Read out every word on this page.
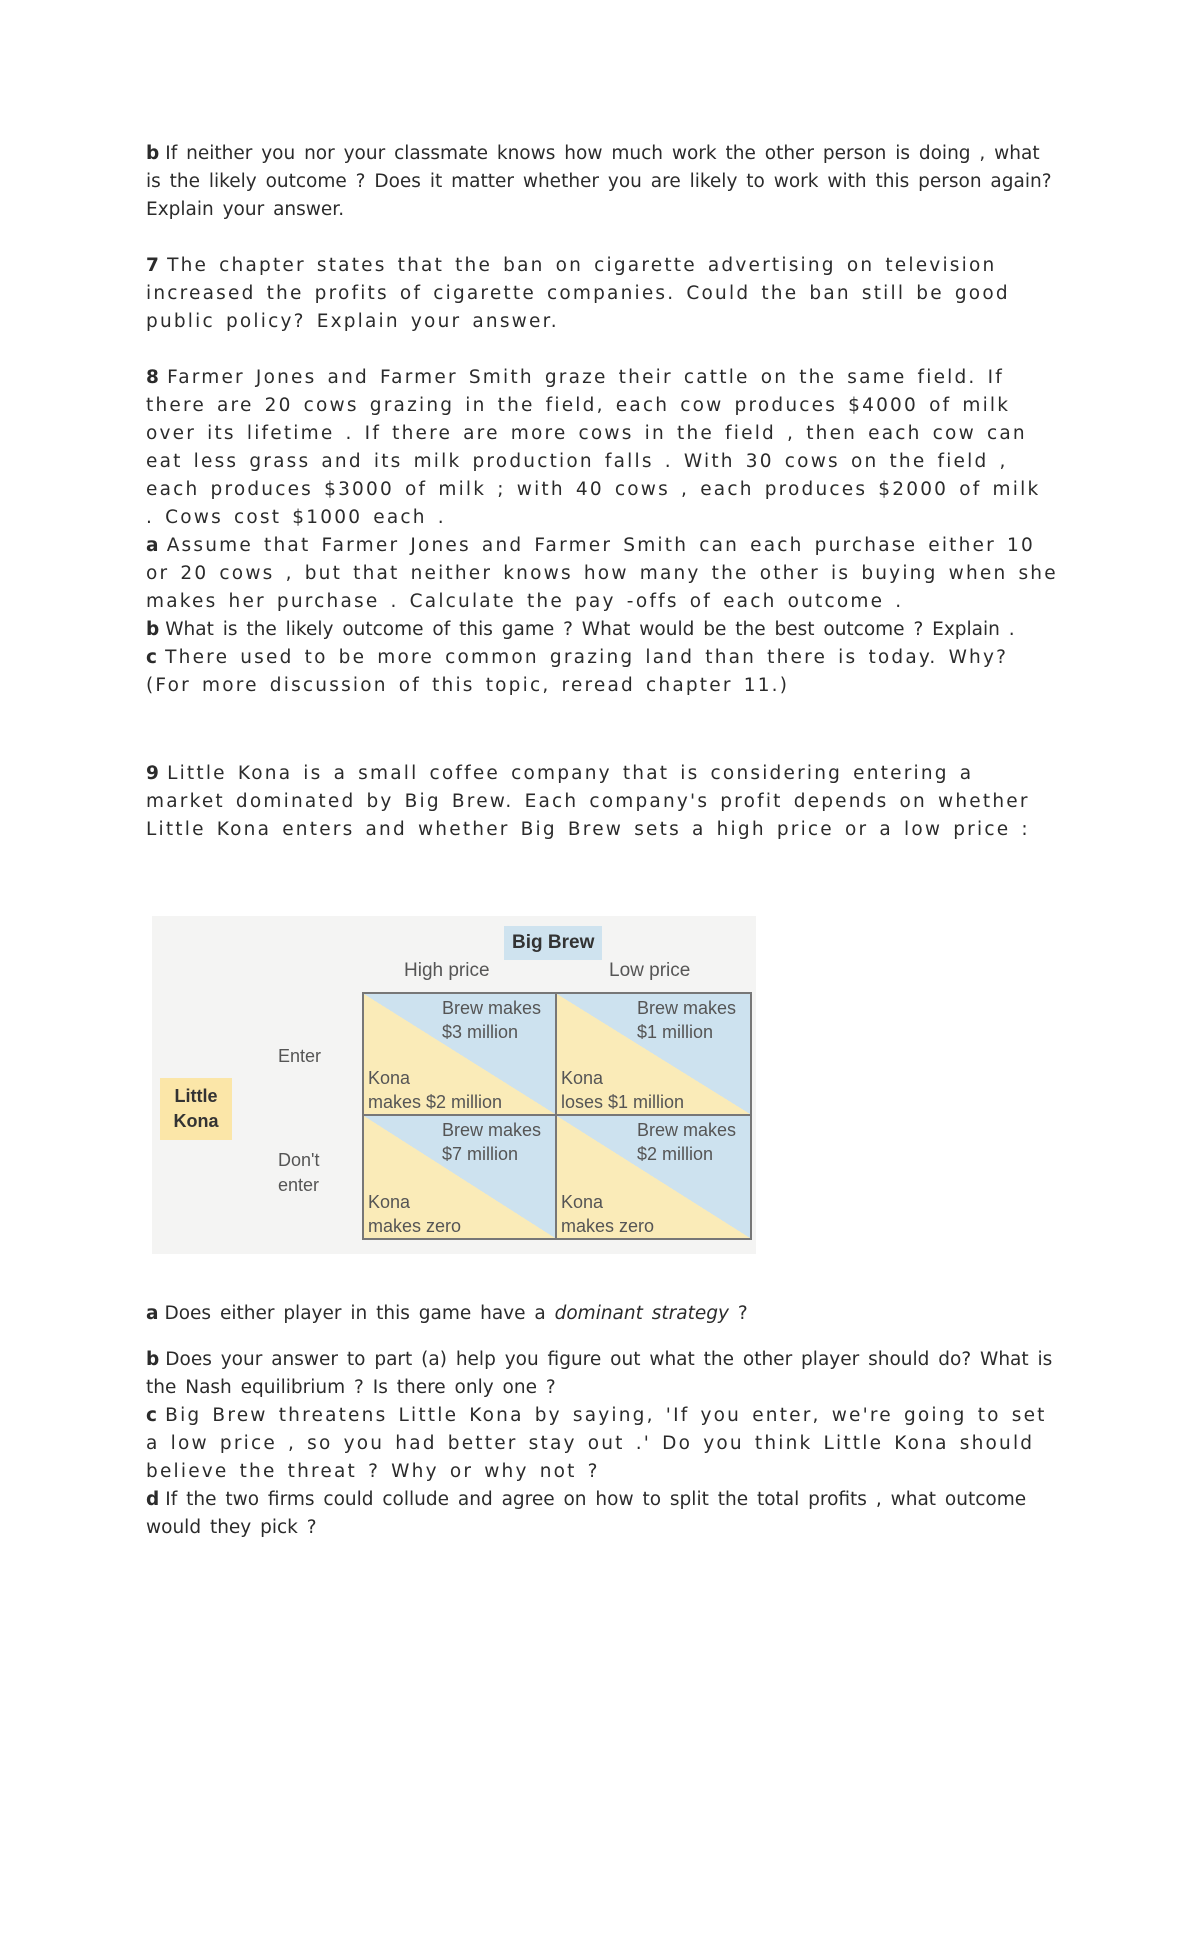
b If neither you nor your classmate knows how much work the other person is doing , what is the likely outcome ? Does it matter whether you are likely to work with this person again? Explain your answer.

7 The chapter states that the ban on cigarette advertising on television increased the profits of cigarette companies. Could the ban still be good public policy? Explain your answer.

8 Farmer Jones and Farmer Smith graze their cattle on the same field. If there are 20 cows grazing in the field, each cow produces $4000 of milk over its lifetime . If there are more cows in the field , then each cow can eat less grass and its milk production falls . With 30 cows on the field , each produces $3000 of milk ; with 40 cows , each produces $2000 of milk . Cows cost $1000 each .

a Assume that Farmer Jones and Farmer Smith can each purchase either 10 or 20 cows , but that neither knows how many the other is buying when she makes her purchase . Calculate the pay -offs of each outcome .

b What is the likely outcome of this game ? What would be the best outcome ? Explain .

c There used to be more common grazing land than there is today. Why? (For more discussion of this topic, reread chapter 11.)

9 Little Kona is a small coffee company that is considering entering a market dominated by Big Brew. Each company's profit depends on whether Little Kona enters and whether Big Brew sets a high price or a low price :

Big Brew
High price	Low price
Little
Kona
Enter
Don't
enter
Brew makes
$3 million
Kona
makes $2 million
Brew makes
$1 million
Kona
loses $1 million
Brew makes
$7 million
Kona
makes zero
Brew makes
$2 million
Kona
makes zero

a Does either player in this game have a dominant strategy ?

b Does your answer to part (a) help you figure out what the other player should do? What is the Nash equilibrium ? Is there only one ?

c Big Brew threatens Little Kona by saying, 'If you enter, we're going to set a low price , so you had better stay out .' Do you think Little Kona should believe the threat ? Why or why not ?

d If the two firms could collude and agree on how to split the total profits , what outcome would they pick ?
